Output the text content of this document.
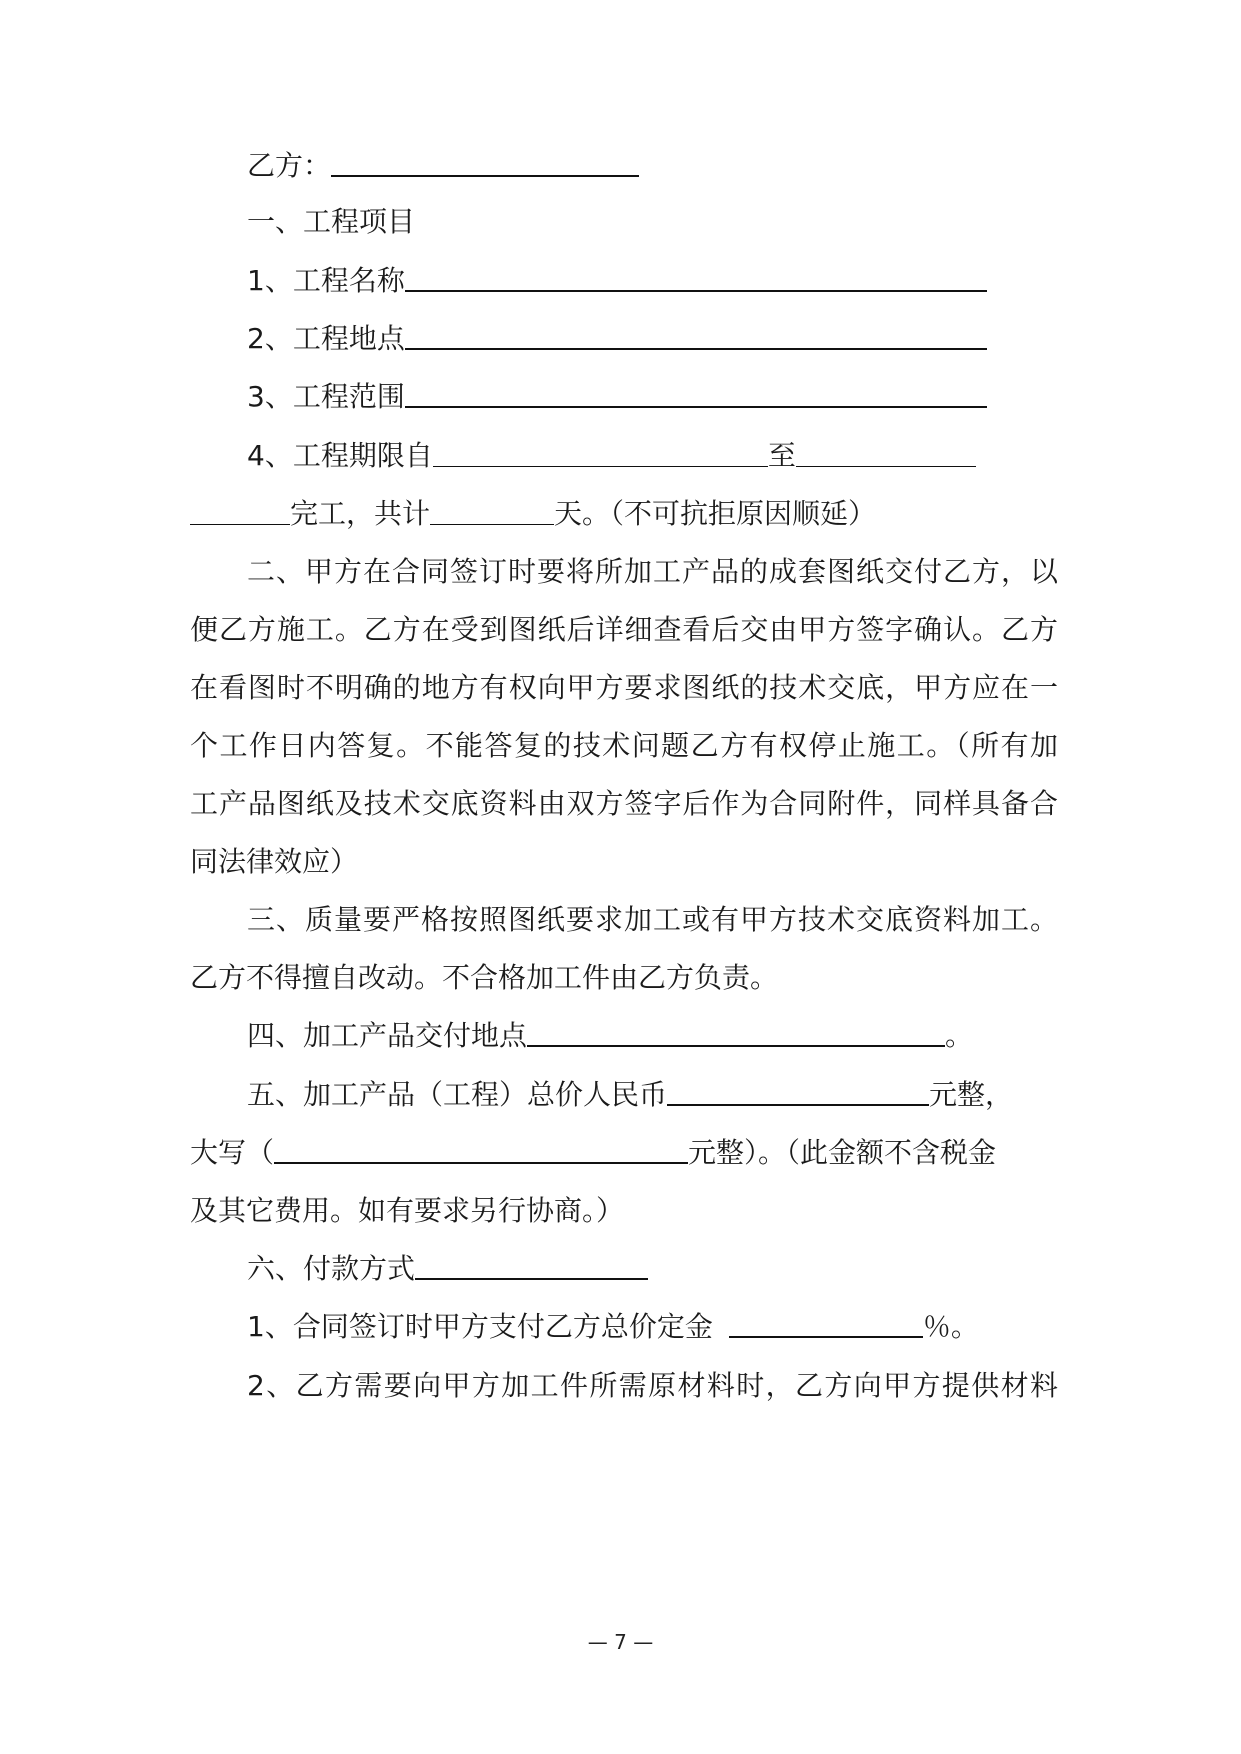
乙方：
一、工程项目
1、工程名称
2、工程地点
3、工程范围
4、工程期限自	至
完工，共计	天。（不可抗拒原因顺延）
二、甲方在合同签订时要将所加工产品的成套图纸交付乙方，以
便乙方施工。乙方在受到图纸后详细查看后交由甲方签字确认。乙方
在看图时不明确的地方有权向甲方要求图纸的技术交底，甲方应在一
个工作日内答复。不能答复的技术问题乙方有权停止施工。（所有加
工产品图纸及技术交底资料由双方签字后作为合同附件，同样具备合
同法律效应）
三、质量要严格按照图纸要求加工或有甲方技术交底资料加工。
乙方不得擅自改动。不合格加工件由乙方负责。
四、加工产品交付地点	。
五、加工产品（工程）总价人民币	元整，
大写（	元整）。（此金额不含税金
及其它费用。如有要求另行协商。）
六、付款方式
1、合同签订时甲方支付乙方总价定金	％。
2、乙方需要向甲方加工件所需原材料时，乙方向甲方提供材料
— 7 —
